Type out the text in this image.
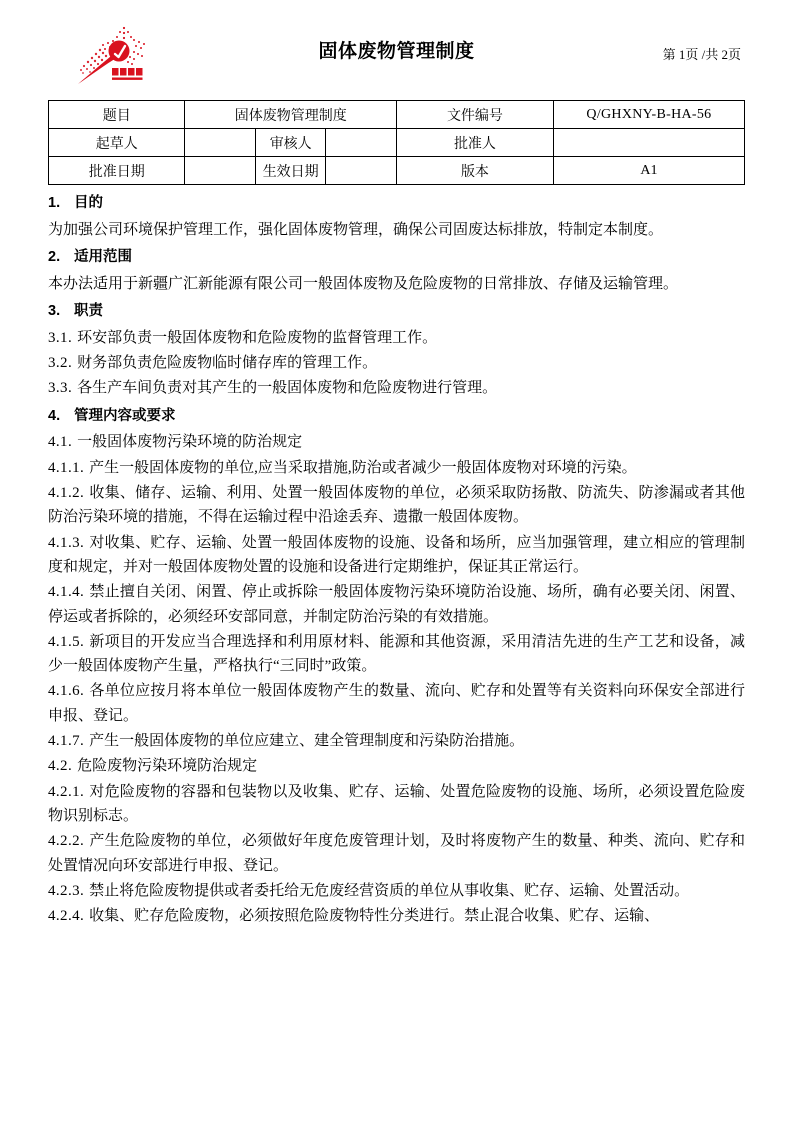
固体废物管理制度	第 1页 /共 2页
题目	固体废物管理制度			文件编号	Q/GHXNY-B-HA-56
起草人		审核人		批准人	
批准日期		生效日期		版本	A1
1. 目的
为加强公司环境保护管理工作，强化固体废物管理，确保公司固废达标排放，特制定本制度。
2. 适用范围
本办法适用于新疆广汇新能源有限公司一般固体废物及危险废物的日常排放、存储及运输管理。
3. 职责
3.1. 环安部负责一般固体废物和危险废物的监督管理工作。
3.2. 财务部负责危险废物临时储存库的管理工作。
3.3. 各生产车间负责对其产生的一般固体废物和危险废物进行管理。
4. 管理内容或要求
4.1. 一般固体废物污染环境的防治规定
4.1.1. 产生一般固体废物的单位,应当采取措施,防治或者减少一般固体废物对环境的污染。
4.1.2. 收集、储存、运输、利用、处置一般固体废物的单位，必须采取防扬散、防流失、防渗漏或者其他防治污染环境的措施，不得在运输过程中沿途丢弃、遗撒一般固体废物。
4.1.3. 对收集、贮存、运输、处置一般固体废物的设施、设备和场所，应当加强管理，建立相应的管理制度和规定，并对一般固体废物处置的设施和设备进行定期维护，保证其正常运行。
4.1.4. 禁止擅自关闭、闲置、停止或拆除一般固体废物污染环境防治设施、场所，确有必要关闭、闲置、停运或者拆除的，必须经环安部同意，并制定防治污染的有效措施。
4.1.5. 新项目的开发应当合理选择和利用原材料、能源和其他资源，采用清洁先进的生产工艺和设备，减少一般固体废物产生量，严格执行“三同时”政策。
4.1.6. 各单位应按月将本单位一般固体废物产生的数量、流向、贮存和处置等有关资料向环保安全部进行申报、登记。
4.1.7. 产生一般固体废物的单位应建立、建全管理制度和污染防治措施。
4.2. 危险废物污染环境防治规定
4.2.1. 对危险废物的容器和包装物以及收集、贮存、运输、处置危险废物的设施、场所，必须设置危险废物识别标志。
4.2.2. 产生危险废物的单位，必须做好年度危废管理计划，及时将废物产生的数量、种类、流向、贮存和处置情况向环安部进行申报、登记。
4.2.3. 禁止将危险废物提供或者委托给无危废经营资质的单位从事收集、贮存、运输、处置活动。
4.2.4. 收集、贮存危险废物，必须按照危险废物特性分类进行。禁止混合收集、贮存、运输、
